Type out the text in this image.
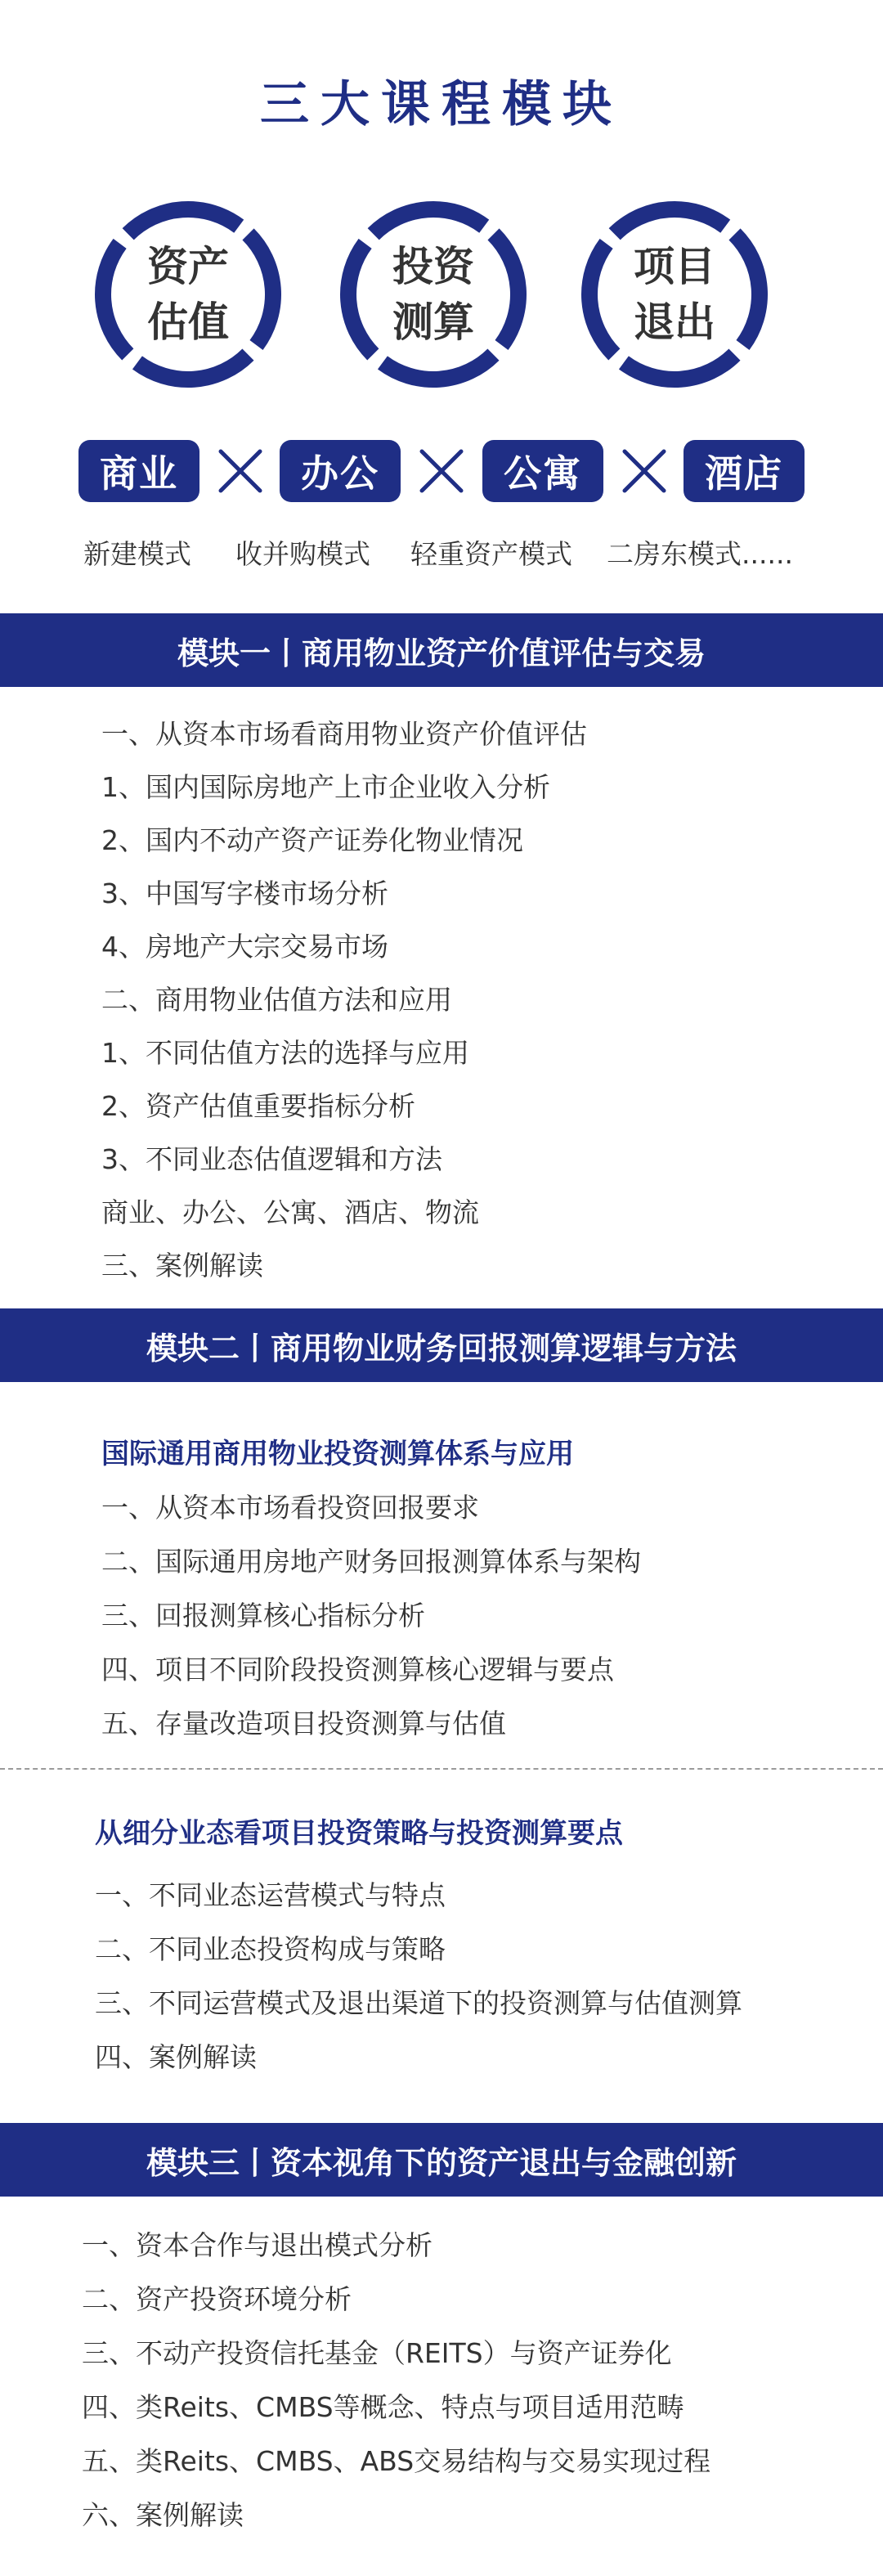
三大课程模块
资产
估值
投资
测算
项目
退出
商业	办公	公寓	酒店
新建模式 收并购模式 轻重资产模式 二房东模式......
模块一丨商用物业资产价值评估与交易
一、从资本市场看商用物业资产价值评估
1、国内国际房地产上市企业收入分析
2、国内不动产资产证券化物业情况
3、中国写字楼市场分析
4、房地产大宗交易市场
二、商用物业估值方法和应用
1、不同估值方法的选择与应用
2、资产估值重要指标分析
3、不同业态估值逻辑和方法
商业、办公、公寓、酒店、物流
三、案例解读
模块二丨商用物业财务回报测算逻辑与方法
国际通用商用物业投资测算体系与应用
一、从资本市场看投资回报要求
二、国际通用房地产财务回报测算体系与架构
三、回报测算核心指标分析
四、项目不同阶段投资测算核心逻辑与要点
五、存量改造项目投资测算与估值
从细分业态看项目投资策略与投资测算要点
一、不同业态运营模式与特点
二、不同业态投资构成与策略
三、不同运营模式及退出渠道下的投资测算与估值测算
四、案例解读
模块三丨资本视角下的资产退出与金融创新
一、资本合作与退出模式分析
二、资产投资环境分析
三、不动产投资信托基金（REITS）与资产证券化
四、类Reits、CMBS等概念、特点与项目适用范畴
五、类Reits、CMBS、ABS交易结构与交易实现过程
六、案例解读
